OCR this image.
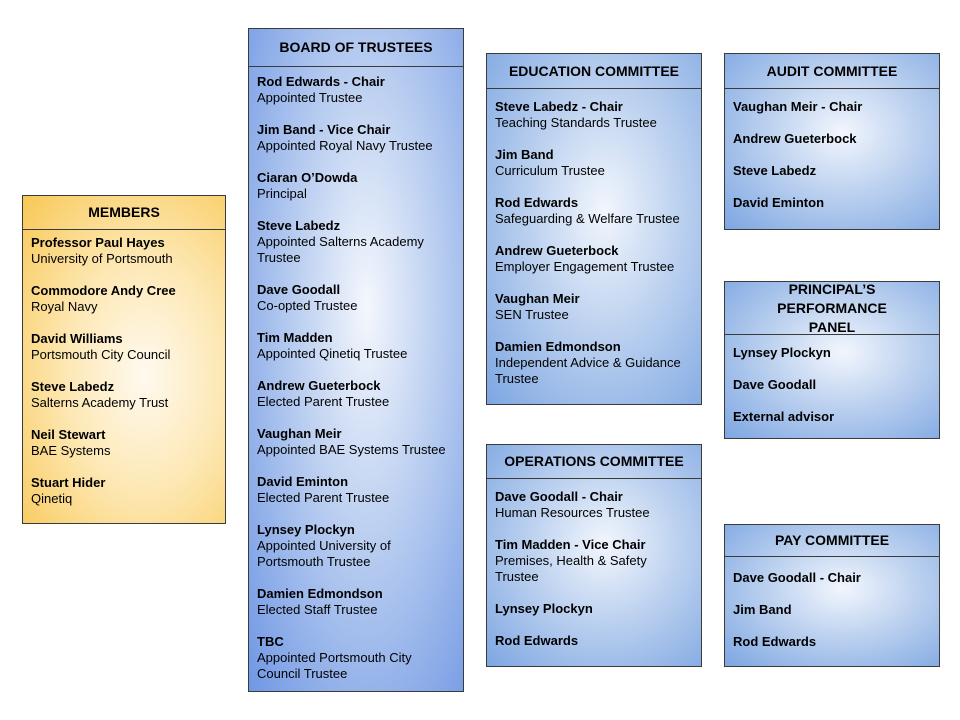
MEMBERS
Professor Paul Hayes
University of Portsmouth
Commodore Andy Cree
Royal Navy
David Williams
Portsmouth City Council
Steve Labedz
Salterns Academy Trust
Neil Stewart
BAE Systems
Stuart Hider
Qinetiq
BOARD OF TRUSTEES
Rod Edwards - Chair
Appointed Trustee
Jim Band - Vice Chair
Appointed Royal Navy Trustee
Ciaran O’Dowda
Principal
Steve Labedz
Appointed Salterns Academy Trustee
Dave Goodall
Co-opted Trustee
Tim Madden
Appointed Qinetiq Trustee
Andrew Gueterbock
Elected Parent Trustee
Vaughan Meir
Appointed BAE Systems Trustee
David Eminton
Elected Parent Trustee
Lynsey Plockyn
Appointed University of Portsmouth Trustee
Damien Edmondson
Elected Staff Trustee
TBC
Appointed Portsmouth City Council Trustee
EDUCATION COMMITTEE
Steve Labedz - Chair
Teaching Standards Trustee
Jim Band
Curriculum Trustee
Rod Edwards
Safeguarding & Welfare Trustee
Andrew Gueterbock
Employer Engagement Trustee
Vaughan Meir
SEN Trustee
Damien Edmondson
Independent Advice & Guidance Trustee
OPERATIONS COMMITTEE
Dave Goodall - Chair
Human Resources Trustee
Tim Madden - Vice Chair
Premises, Health & Safety Trustee
Lynsey Plockyn
Rod Edwards
AUDIT COMMITTEE
Vaughan Meir - Chair
Andrew Gueterbock
Steve Labedz
David Eminton
PRINCIPAL’S PERFORMANCE  PANEL
Lynsey Plockyn
Dave Goodall
External advisor
PAY COMMITTEE
Dave Goodall - Chair
Jim Band
Rod Edwards
